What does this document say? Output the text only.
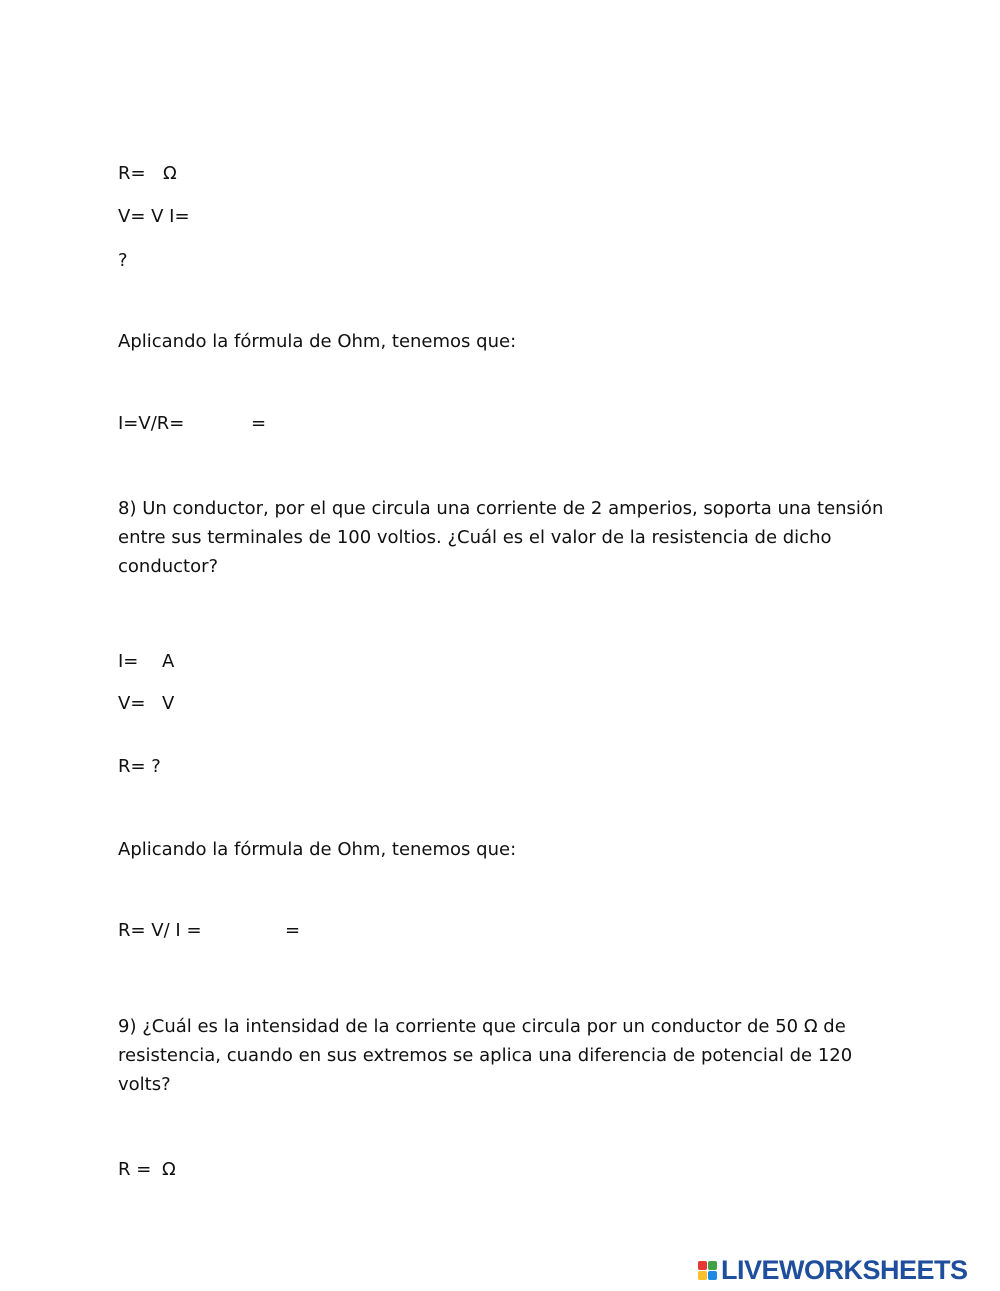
R= Ω
V= V I=
?
Aplicando la fórmula de Ohm, tenemos que:
I=V/R=	=

8) Un conductor, por el que circula una corriente de 2 amperios, soporta una tensión entre sus terminales de 100 voltios. ¿Cuál es el valor de la resistencia de dicho conductor?

I= A
V= V
R= ?
Aplicando la fórmula de Ohm, tenemos que:
R= V/ I =	=

9) ¿Cuál es la intensidad de la corriente que circula por un conductor de 50 Ω de resistencia, cuando en sus extremos se aplica una diferencia de potencial de 120 volts?

R = Ω
LIVEWORKSHEETS
